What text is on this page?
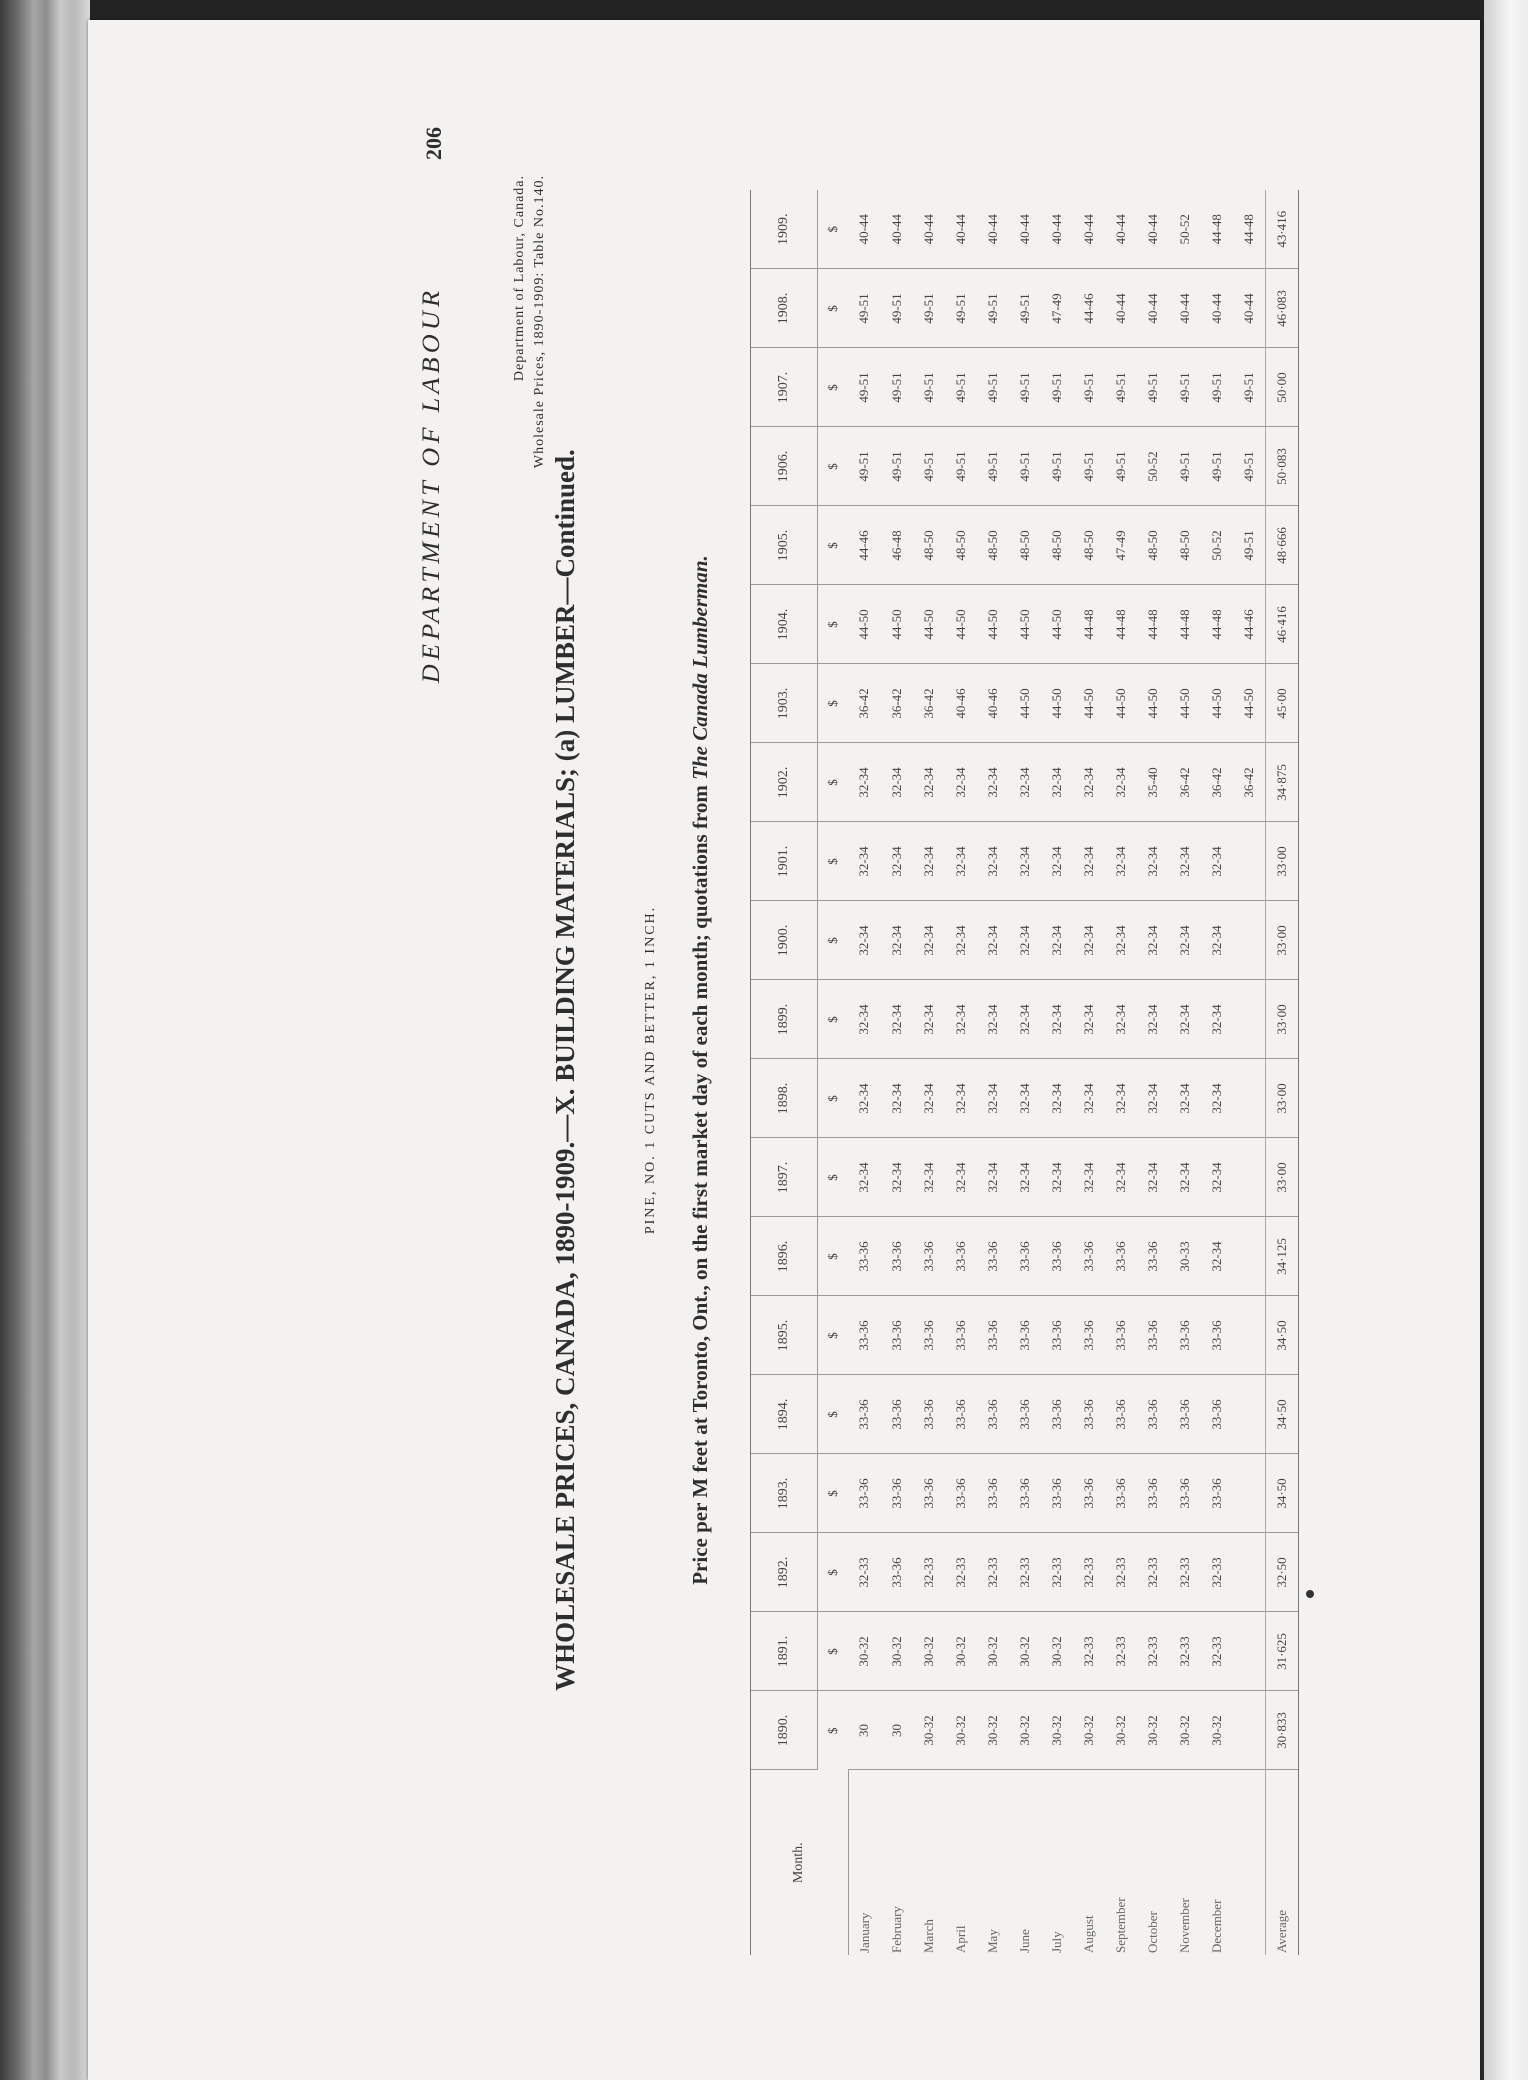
206
DEPARTMENT OF LABOUR
Department of Labour, Canada. Wholesale Prices, 1890-1909: Table No.140.
WHOLESALE PRICES, CANADA, 1890-1909.—X. BUILDING MATERIALS; (a) LUMBER—Continued.	PINE, NO. 1 CUTS AND BETTER, 1 INCH. Price per M feet at Toronto, Ont., on the first market day of each month; quotations from The Canada Lumberman.
Month.	1890.	1891.	1892.	1893.	1894.	1895.	1896.	1897.	1898.	1899.	1900.	1901.	1902.	1903.	1904.	1905.	1906.	1907.	1908.	1909.
	$	$	$	$	$	$	$	$	$	$	$	$	$	$	$	$	$	$	$	$
January	30	30-32	32-33	33-36	33-36	33-36	33-36	32-34	32-34	32-34	32-34	32-34	32-34	36-42	44-50	44-46	49-51	49-51	49-51	40-44
February	30	30-32	33-36	33-36	33-36	33-36	33-36	32-34	32-34	32-34	32-34	32-34	32-34	36-42	44-50	46-48	49-51	49-51	49-51	40-44
March	30-32	30-32	32-33	33-36	33-36	33-36	33-36	32-34	32-34	32-34	32-34	32-34	32-34	36-42	44-50	48-50	49-51	49-51	49-51	40-44
April	30-32	30-32	32-33	33-36	33-36	33-36	33-36	32-34	32-34	32-34	32-34	32-34	32-34	40-46	44-50	48-50	49-51	49-51	49-51	40-44
May	30-32	30-32	32-33	33-36	33-36	33-36	33-36	32-34	32-34	32-34	32-34	32-34	32-34	40-46	44-50	48-50	49-51	49-51	49-51	40-44
June	30-32	30-32	32-33	33-36	33-36	33-36	33-36	32-34	32-34	32-34	32-34	32-34	32-34	44-50	44-50	48-50	49-51	49-51	49-51	40-44
July	30-32	30-32	32-33	33-36	33-36	33-36	33-36	32-34	32-34	32-34	32-34	32-34	32-34	44-50	44-50	48-50	49-51	49-51	47-49	40-44
August	30-32	32-33	32-33	33-36	33-36	33-36	33-36	32-34	32-34	32-34	32-34	32-34	32-34	44-50	44-48	48-50	49-51	49-51	44-46	40-44
September	30-32	32-33	32-33	33-36	33-36	33-36	33-36	32-34	32-34	32-34	32-34	32-34	32-34	44-50	44-48	47-49	49-51	49-51	40-44	40-44
October	30-32	32-33	32-33	33-36	33-36	33-36	33-36	32-34	32-34	32-34	32-34	32-34	35-40	44-50	44-48	48-50	50-52	49-51	40-44	40-44
November	30-32	32-33	32-33	33-36	33-36	33-36	30-33	32-34	32-34	32-34	32-34	32-34	36-42	44-50	44-48	48-50	49-51	49-51	40-44	50-52
December	30-32	32-33	32-33	33-36	33-36	33-36	32-34	32-34	32-34	32-34	32-34	32-34	36-42	44-50	44-48	50-52	49-51	49-51	40-44	44-48
													36-42	44-50	44-46	49-51	49-51	49-51	40-44	44-48
Average	30·833	31·625	32·50	34·50	34·50	34·50	34·125	33·00	33·00	33·00	33·00	33·00	34·875	45·00	46·416	48·666	50·083	50·00	46·083	43·416
